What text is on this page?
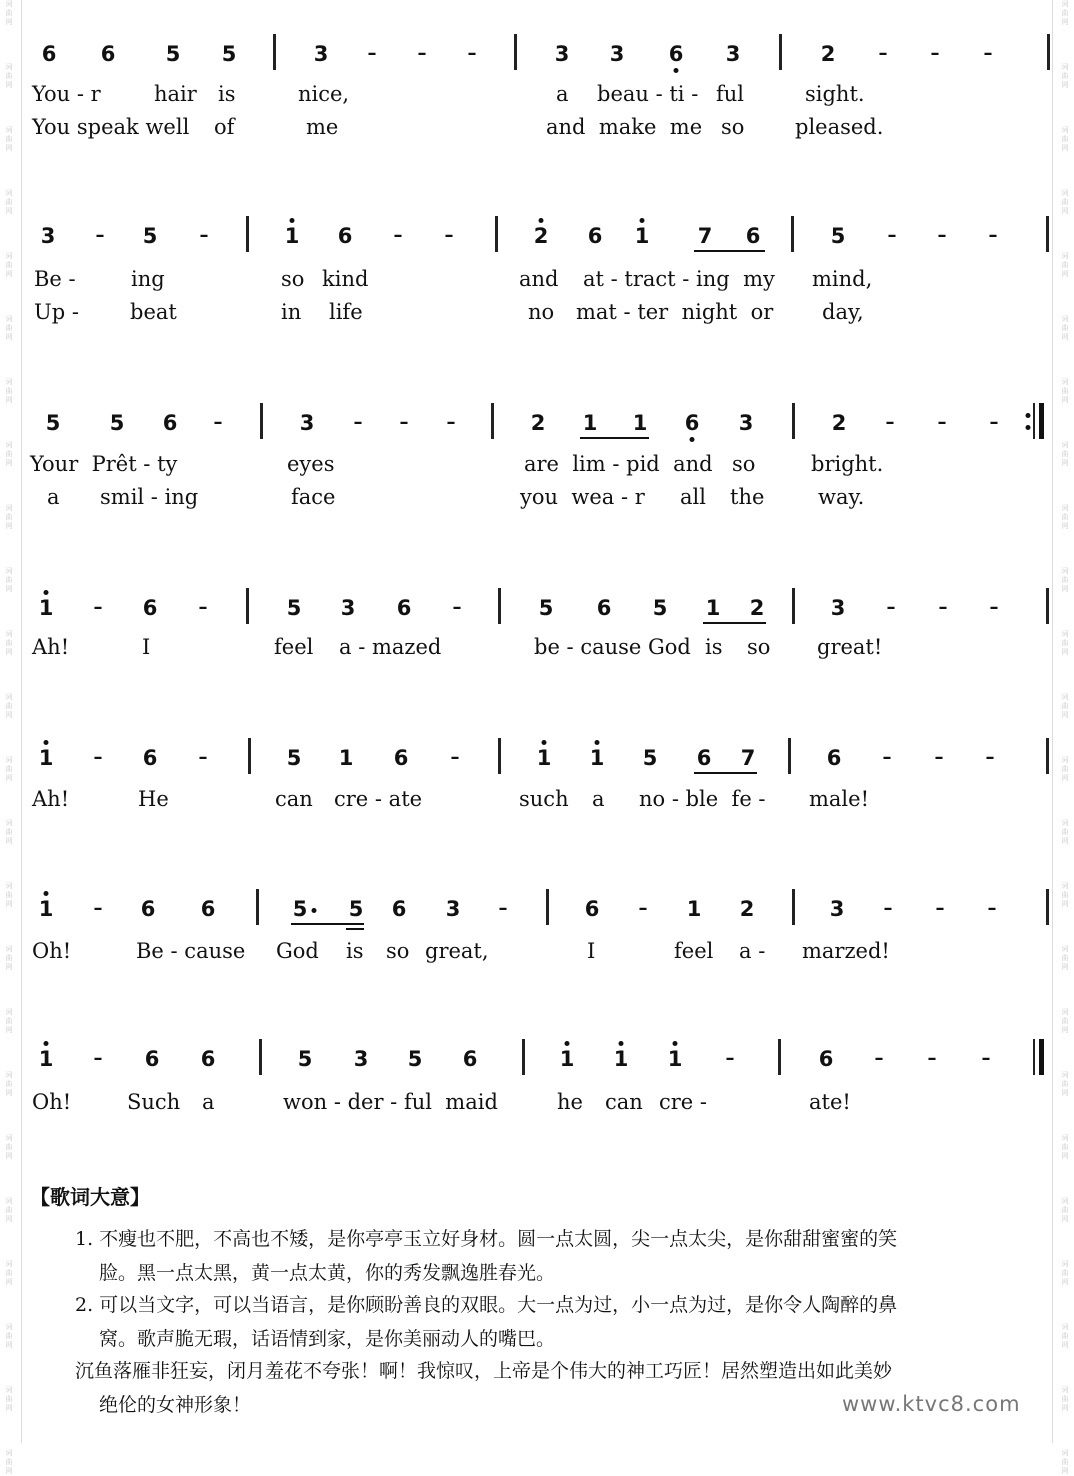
词
曲
网
词
曲
网
词
曲
网
词
曲
网
词
曲
网
词
曲
网
词
曲
网
词
曲
网
词
曲
网
词
曲
网
词
曲
网
词
曲
网
词
曲
网
词
曲
网
词
曲
网
词
曲
网
词
曲
网
词
曲
网
词
曲
网
词
曲
网
词
曲
网
词
曲
网
词
曲
网
词
曲
网
词
曲
网
词
曲
网
词
曲
网
词
曲
网
词
曲
网
词
曲
网
词
曲
网
词
曲
网
词
曲
网
词
曲
网
词
曲
网
词
曲
网
词
曲
网
词
曲
网
词
曲
网
词
曲
网
词
曲
网
词
曲
网
词
曲
网
词
曲
网
词
曲
网
词
曲
网
词
曲
网
词
曲
网
6 6 5 5	3 – – –	3 3 6 3	2 – – –
You - r	hair is	nice,	a beau - ti - ful	sight.
You speak well of	me	and  make  me so pleased.
3 – 5 –	1 6 – –	2 6 1 7 6	5 – – –
Be -	ing	so kind	and at - tract - ing  my mind,
Up - beat	in life	no mat - ter  night  or day,
5 5 6 –	3 – – –	2 1 1 6 3	2 – – –
Your  Prêt - ty	eyes	are  lim - pid  and so	bright.
a smil - ing	face	you  wea - r all the	way.
1 – 6 –	5 3 6 –	5 6 5 1 2	3 – – –
Ah!	I	feel a - mazed	be - cause God is so great!
1 – 6 –	5 1 6 –	1 1 5 6 7	6 – – –
Ah!	He	can cre - ate	such a no - ble  fe - male!
1 – 6 6	5 5 6 3 –	6 – 1 2	3 – – –
Oh!	Be - cause God is so great,	I	feel a - marzed!
1 – 6 6	5 3 5 6	1 1 1 –	6 – –	–
Oh!	Such a	won - der - ful  maid	he can cre -	ate!
【歌词大意】
1. 不瘦也不肥，不高也不矮，是你亭亭玉立好身材。圆一点太圆，尖一点太尖，是你甜甜蜜蜜的笑
脸。黑一点太黑，黄一点太黄，你的秀发飘逸胜春光。
2. 可以当文字，可以当语言，是你顾盼善良的双眼。大一点为过，小一点为过，是你令人陶醉的鼻
窝。歌声脆无瑕，话语情到家，是你美丽动人的嘴巴。
沉鱼落雁非狂妄，闭月羞花不夸张！啊！我惊叹，上帝是个伟大的神工巧匠！居然塑造出如此美妙
绝伦的女神形象！	www.ktvc8.com
